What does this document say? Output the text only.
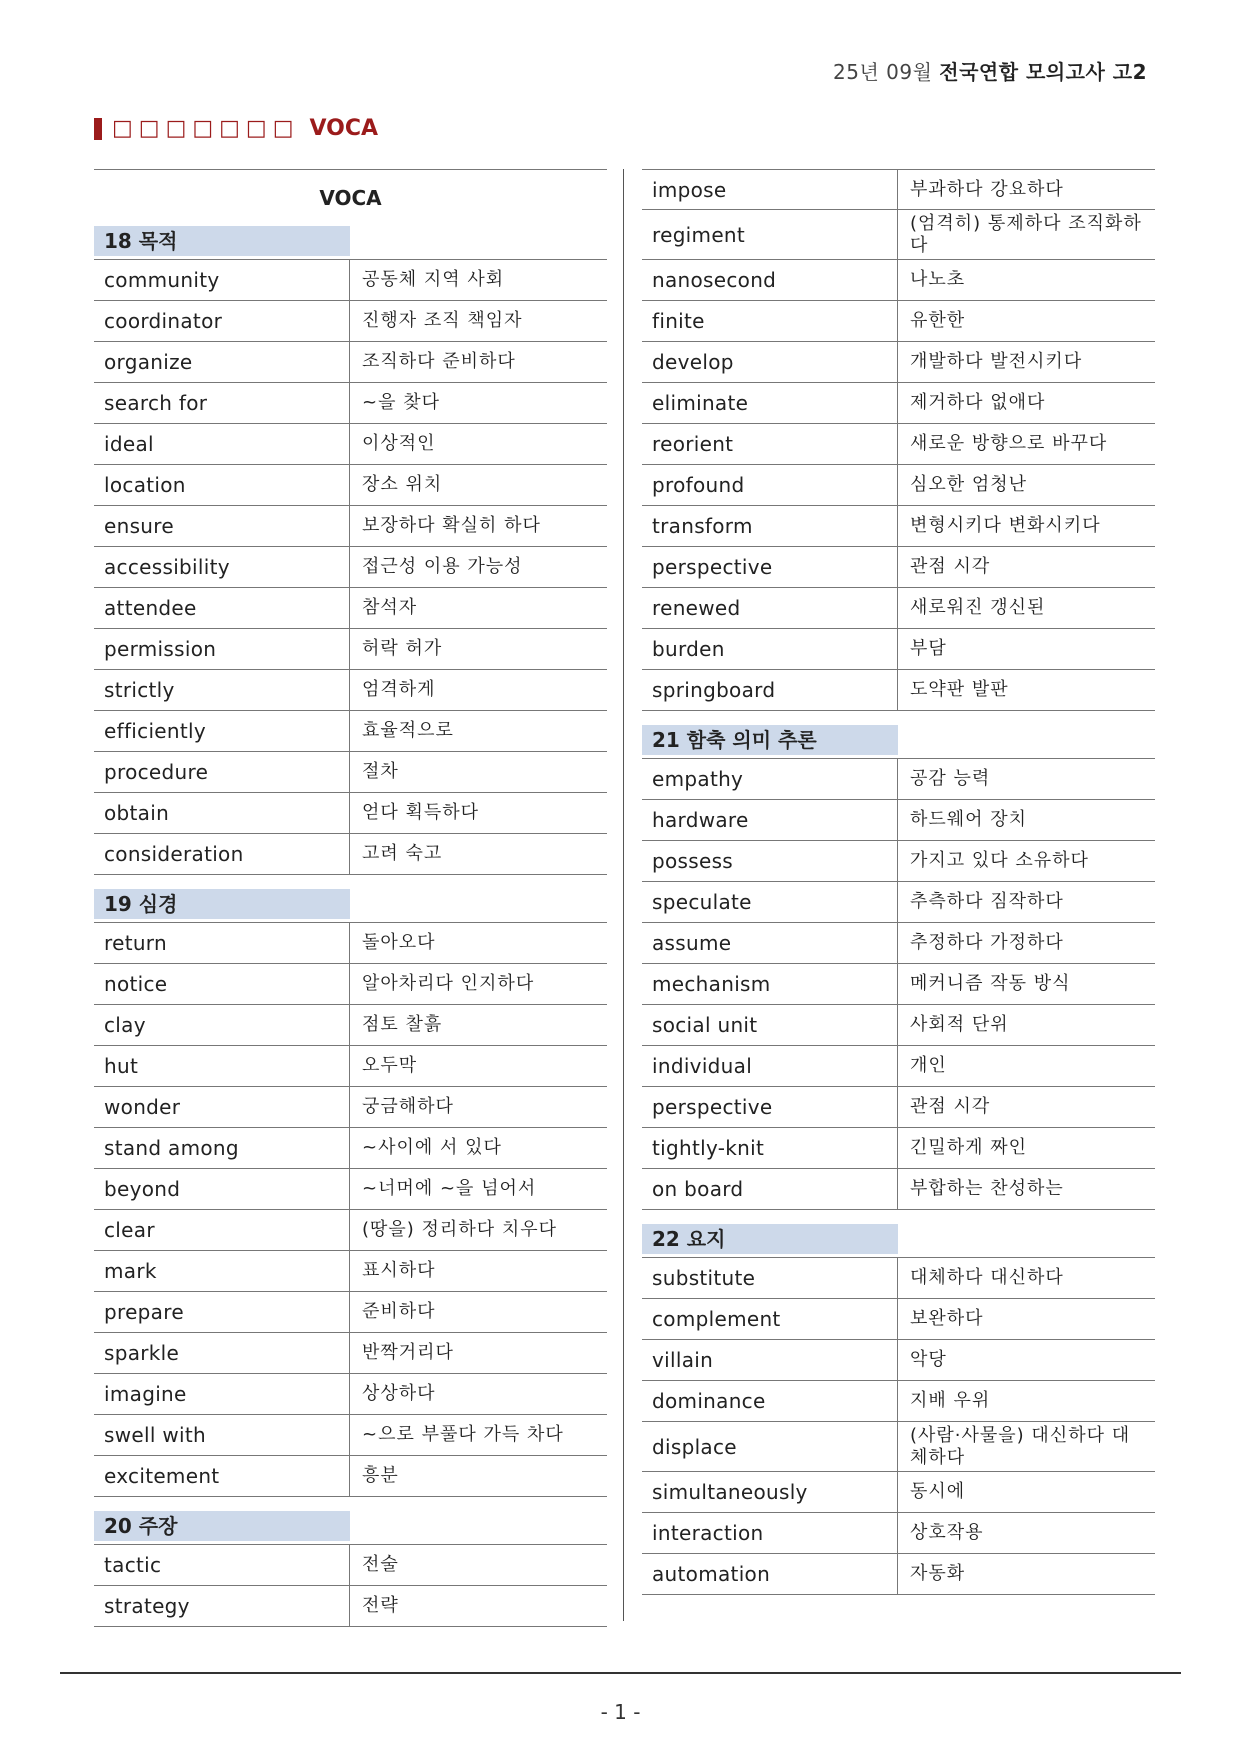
25년 09월 전국연합 모의고사 고2
□□□□□□□ VOCA
VOCA
18 목적
community	공동체 지역 사회
coordinator	진행자 조직 책임자
organize	조직하다 준비하다
search for	~을 찾다
ideal	이상적인
location	장소 위치
ensure	보장하다 확실히 하다
accessibility	접근성 이용 가능성
attendee	참석자
permission	허락 허가
strictly	엄격하게
efficiently	효율적으로
procedure	절차
obtain	얻다 획득하다
consideration	고려 숙고
19 심경
return	돌아오다
notice	알아차리다 인지하다
clay	점토 찰흙
hut	오두막
wonder	궁금해하다
stand among	~사이에 서 있다
beyond	~너머에 ~을 넘어서
clear	(땅을) 정리하다 치우다
mark	표시하다
prepare	준비하다
sparkle	반짝거리다
imagine	상상하다
swell with	~으로 부풀다 가득 차다
excitement	흥분
20 주장
tactic	전술
strategy	전략
impose	부과하다 강요하다
regiment	(엄격히) 통제하다 조직화하다
nanosecond	나노초
finite	유한한
develop	개발하다 발전시키다
eliminate	제거하다 없애다
reorient	새로운 방향으로 바꾸다
profound	심오한 엄청난
transform	변형시키다 변화시키다
perspective	관점 시각
renewed	새로워진 갱신된
burden	부담
springboard	도약판 발판
21 함축 의미 추론
empathy	공감 능력
hardware	하드웨어 장치
possess	가지고 있다 소유하다
speculate	추측하다 짐작하다
assume	추정하다 가정하다
mechanism	메커니즘 작동 방식
social unit	사회적 단위
individual	개인
perspective	관점 시각
tightly-knit	긴밀하게 짜인
on board	부합하는 찬성하는
22 요지
substitute	대체하다 대신하다
complement	보완하다
villain	악당
dominance	지배 우위
displace	(사람·사물을) 대신하다 대체하다
simultaneously	동시에
interaction	상호작용
automation	자동화
- 1 -
